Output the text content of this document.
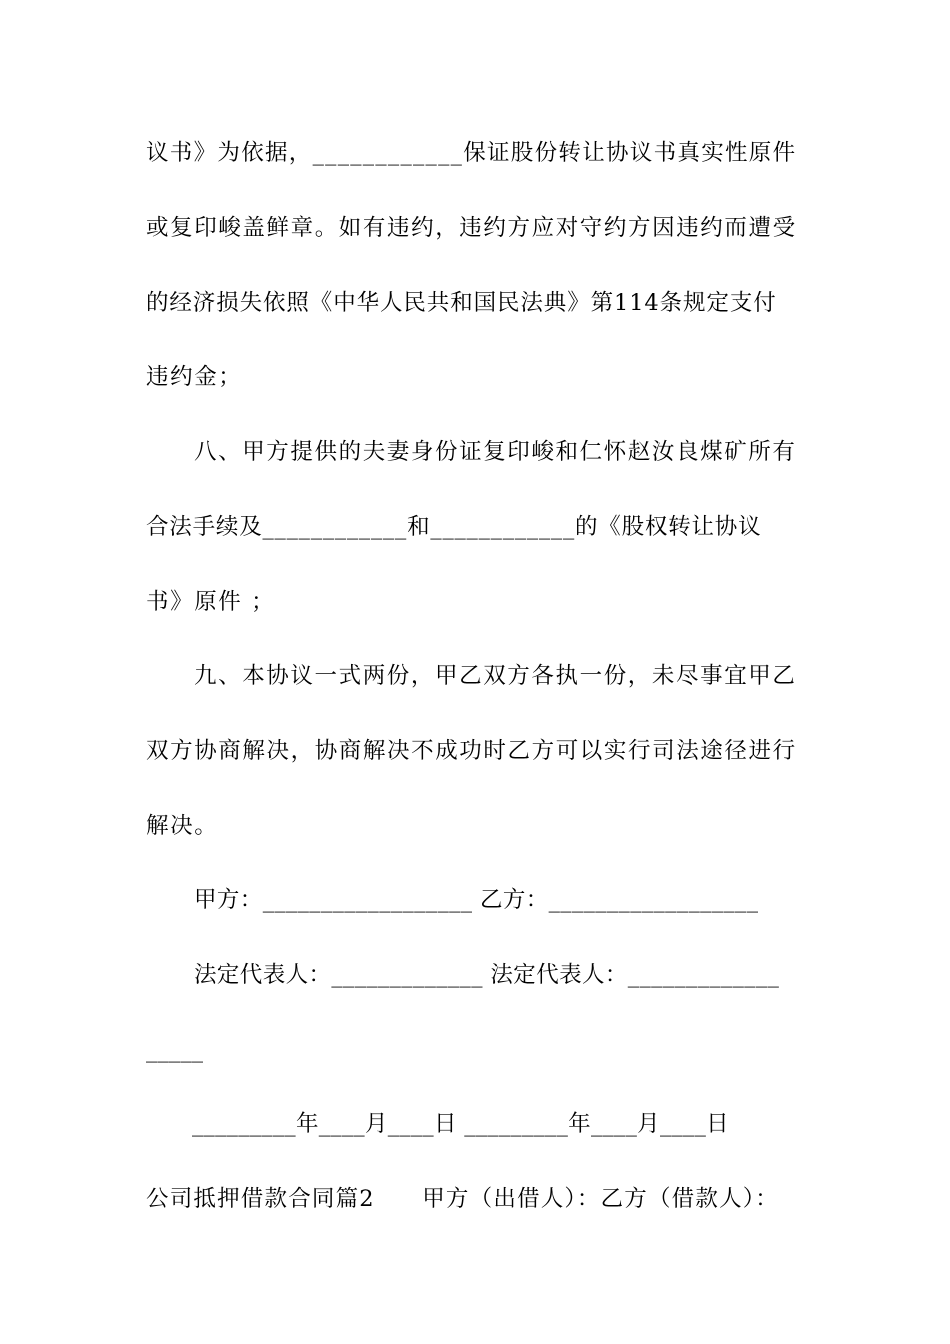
议书》为依据，____________保证股份转让协议书真实性原件
或复印峻盖鲜章。如有违约，违约方应对守约方因违约而遭受
的经济损失依照《中华人民共和国民法典》第114条规定支付
违约金；
八、甲方提供的夫妻身份证复印峻和仁怀赵汝良煤矿所有
合法手续及____________和____________的《股权转让协议
书》原件 ；
九、本协议一式两份，甲乙双方各执一份，未尽事宜甲乙
双方协商解决，协商解决不成功时乙方可以实行司法途径进行
解决。
甲方：__________________ 乙方：__________________
法定代表人：_____________ 法定代表人：_____________
_____
_________年____月____日 _________年____月____日
公司抵押借款合同篇2　　甲方（出借人）：乙方（借款人）：
